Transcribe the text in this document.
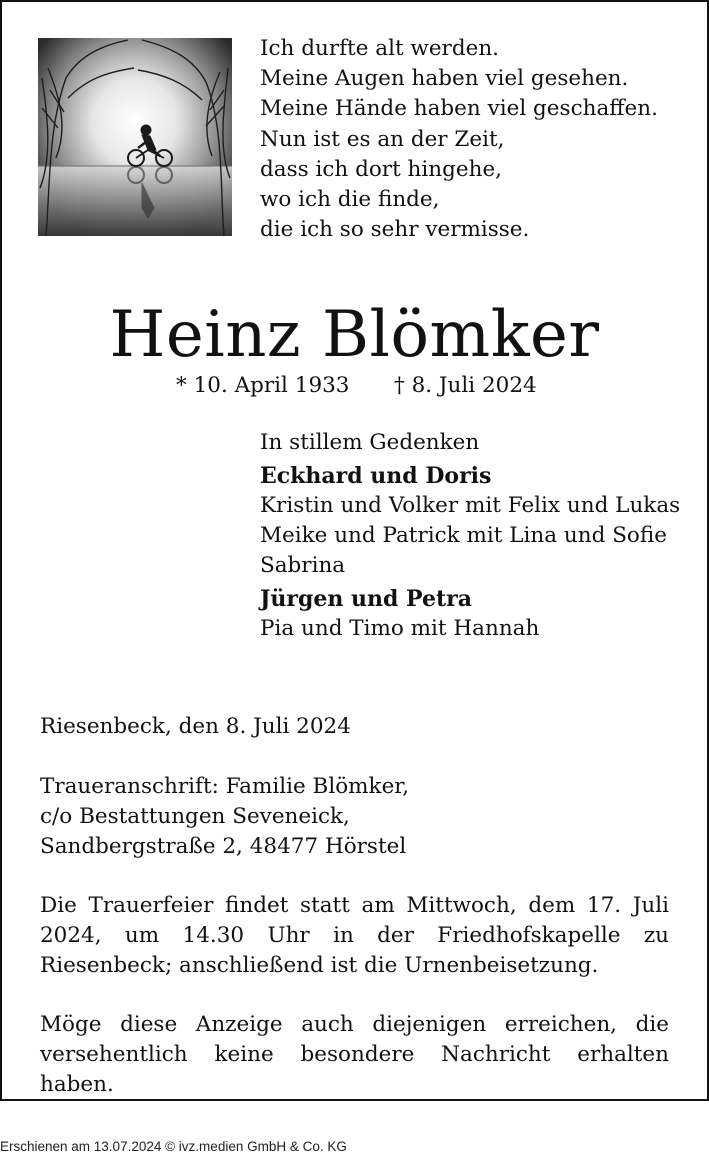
Ich durfte alt werden.
Meine Augen haben viel gesehen.
Meine Hände haben viel geschaffen.
Nun ist es an der Zeit,
dass ich dort hingehe,
wo ich die finde,
die ich so sehr vermisse.
Heinz Blömker
* 10. April 1933 † 8. Juli 2024
In stillem Gedenken
Eckhard und Doris
Kristin und Volker mit Felix und Lukas
Meike und Patrick mit Lina und Sofie
Sabrina
Jürgen und Petra
Pia und Timo mit Hannah
Riesenbeck, den 8. Juli 2024
Traueranschrift: Familie Blömker,
c/o Bestattungen Seveneick,
Sandbergstraße 2, 48477 Hörstel
Die Trauerfeier findet statt am Mittwoch, dem 17. Juli 2024, um 14.30 Uhr in der Friedhofskapelle zu Riesenbeck; anschließend ist die Urnenbeisetzung.
Möge diese Anzeige auch diejenigen erreichen, die versehentlich keine besondere Nachricht erhalten haben.
Erschienen am 13.07.2024 © ivz.medien GmbH & Co. KG
